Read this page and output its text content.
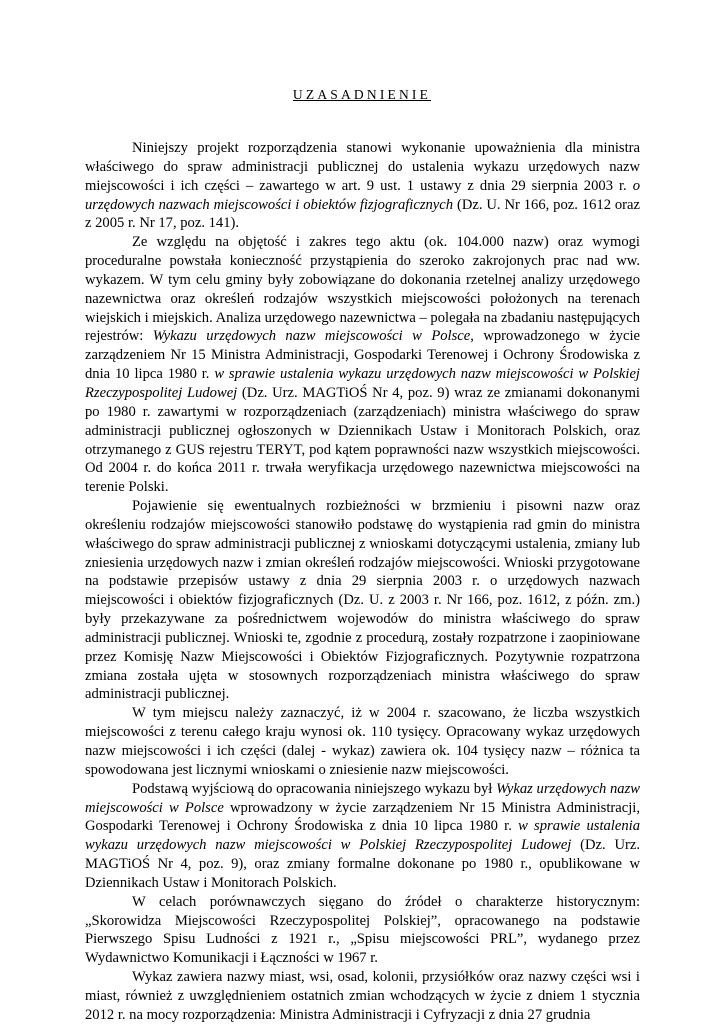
UZASADNIENIE

Niniejszy projekt rozporządzenia stanowi wykonanie upoważnienia dla ministra właściwego do spraw administracji publicznej do ustalenia wykazu urzędowych nazw miejscowości i ich części – zawartego w art. 9 ust. 1 ustawy z dnia 29 sierpnia 2003 r. o urzędowych nazwach miejscowości i obiektów fizjograficznych (Dz. U. Nr 166, poz. 1612 oraz z 2005 r. Nr 17, poz. 141).

Ze względu na objętość i zakres tego aktu (ok. 104.000 nazw) oraz wymogi proceduralne powstała konieczność przystąpienia do szeroko zakrojonych prac nad ww. wykazem. W tym celu gminy były zobowiązane do dokonania rzetelnej analizy urzędowego nazewnictwa oraz określeń rodzajów wszystkich miejscowości położonych na terenach wiejskich i miejskich. Analiza urzędowego nazewnictwa – polegała na zbadaniu następujących rejestrów: Wykazu urzędowych nazw miejscowości w Polsce, wprowadzonego w życie zarządzeniem Nr 15 Ministra Administracji, Gospodarki Terenowej i Ochrony Środowiska z dnia 10 lipca 1980 r. w sprawie ustalenia wykazu urzędowych nazw miejscowości w Polskiej Rzeczypospolitej Ludowej (Dz. Urz. MAGTiOŚ Nr 4, poz. 9) wraz ze zmianami dokonanymi po 1980 r. zawartymi w rozporządzeniach (zarządzeniach) ministra właściwego do spraw administracji publicznej ogłoszonych w Dziennikach Ustaw i Monitorach Polskich, oraz otrzymanego z GUS rejestru TERYT, pod kątem poprawności nazw wszystkich miejscowości. Od 2004 r. do końca 2011 r. trwała weryfikacja urzędowego nazewnictwa miejscowości na terenie Polski.

Pojawienie się ewentualnych rozbieżności w brzmieniu i pisowni nazw oraz określeniu rodzajów miejscowości stanowiło podstawę do wystąpienia rad gmin do ministra właściwego do spraw administracji publicznej z wnioskami dotyczącymi ustalenia, zmiany lub zniesienia urzędowych nazw i zmian określeń rodzajów miejscowości. Wnioski przygotowane na podstawie przepisów ustawy z dnia 29 sierpnia 2003 r. o urzędowych nazwach miejscowości i obiektów fizjograficznych (Dz. U. z 2003 r. Nr 166, poz. 1612, z późn. zm.) były przekazywane za pośrednictwem wojewodów do ministra właściwego do spraw administracji publicznej. Wnioski te, zgodnie z procedurą, zostały rozpatrzone i zaopiniowane przez Komisję Nazw Miejscowości i Obiektów Fizjograficznych. Pozytywnie rozpatrzona zmiana została ujęta w stosownych rozporządzeniach ministra właściwego do spraw administracji publicznej.

W tym miejscu należy zaznaczyć, iż w 2004 r. szacowano, że liczba wszystkich miejscowości z terenu całego kraju wynosi ok. 110 tysięcy. Opracowany wykaz urzędowych nazw miejscowości i ich części (dalej - wykaz) zawiera ok. 104 tysięcy nazw – różnica ta spowodowana jest licznymi wnioskami o zniesienie nazw miejscowości.

Podstawą wyjściową do opracowania niniejszego wykazu był Wykaz urzędowych nazw miejscowości w Polsce wprowadzony w życie zarządzeniem Nr 15 Ministra Administracji, Gospodarki Terenowej i Ochrony Środowiska z dnia 10 lipca 1980 r. w sprawie ustalenia wykazu urzędowych nazw miejscowości w Polskiej Rzeczypospolitej Ludowej (Dz. Urz. MAGTiOŚ Nr 4, poz. 9), oraz zmiany formalne dokonane po 1980 r., opublikowane w Dziennikach Ustaw i Monitorach Polskich.

W celach porównawczych sięgano do źródeł o charakterze historycznym: „Skorowidza Miejscowości Rzeczypospolitej Polskiej”, opracowanego na podstawie Pierwszego Spisu Ludności z 1921 r., „Spisu miejscowości PRL”, wydanego przez Wydawnictwo Komunikacji i Łączności w 1967 r.

Wykaz zawiera nazwy miast, wsi, osad, kolonii, przysiółków oraz nazwy części wsi i miast, również z uwzględnieniem ostatnich zmian wchodzących w życie z dniem 1 stycznia 2012 r. na mocy rozporządzenia: Ministra Administracji i Cyfryzacji z dnia 27 grudnia
